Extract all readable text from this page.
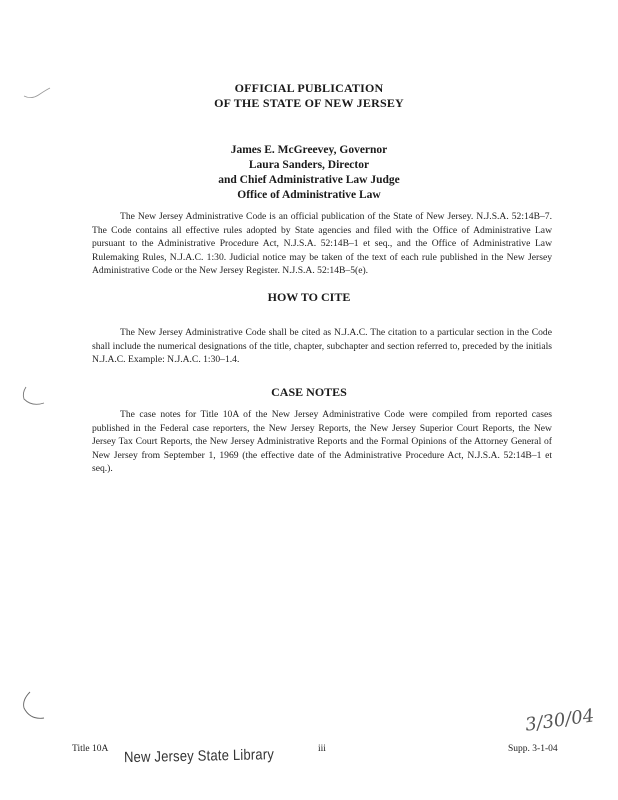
OFFICIAL PUBLICATION
OF THE STATE OF NEW JERSEY
James E. McGreevey, Governor
Laura Sanders, Director
and Chief Administrative Law Judge
Office of Administrative Law
The New Jersey Administrative Code is an official publication of the State of New Jersey. N.J.S.A. 52:14B–7. The Code contains all effective rules adopted by State agencies and filed with the Office of Administrative Law pursuant to the Administrative Procedure Act, N.J.S.A. 52:14B–1 et seq., and the Office of Administrative Law Rulemaking Rules, N.J.A.C. 1:30. Judicial notice may be taken of the text of each rule published in the New Jersey Administrative Code or the New Jersey Register. N.J.S.A. 52:14B–5(e).
HOW TO CITE
The New Jersey Administrative Code shall be cited as N.J.A.C. The citation to a particular section in the Code shall include the numerical designations of the title, chapter, subchapter and section referred to, preceded by the initials N.J.A.C. Example: N.J.A.C. 1:30–1.4.
CASE NOTES
The case notes for Title 10A of the New Jersey Administrative Code were compiled from reported cases published in the Federal case reporters, the New Jersey Reports, the New Jersey Superior Court Reports, the New Jersey Tax Court Reports, the New Jersey Administrative Reports and the Formal Opinions of the Attorney General of New Jersey from September 1, 1969 (the effective date of the Administrative Procedure Act, N.J.S.A. 52:14B–1 et seq.).
3/30/04
Title 10A	iii	Supp. 3-1-04
New Jersey State Library
